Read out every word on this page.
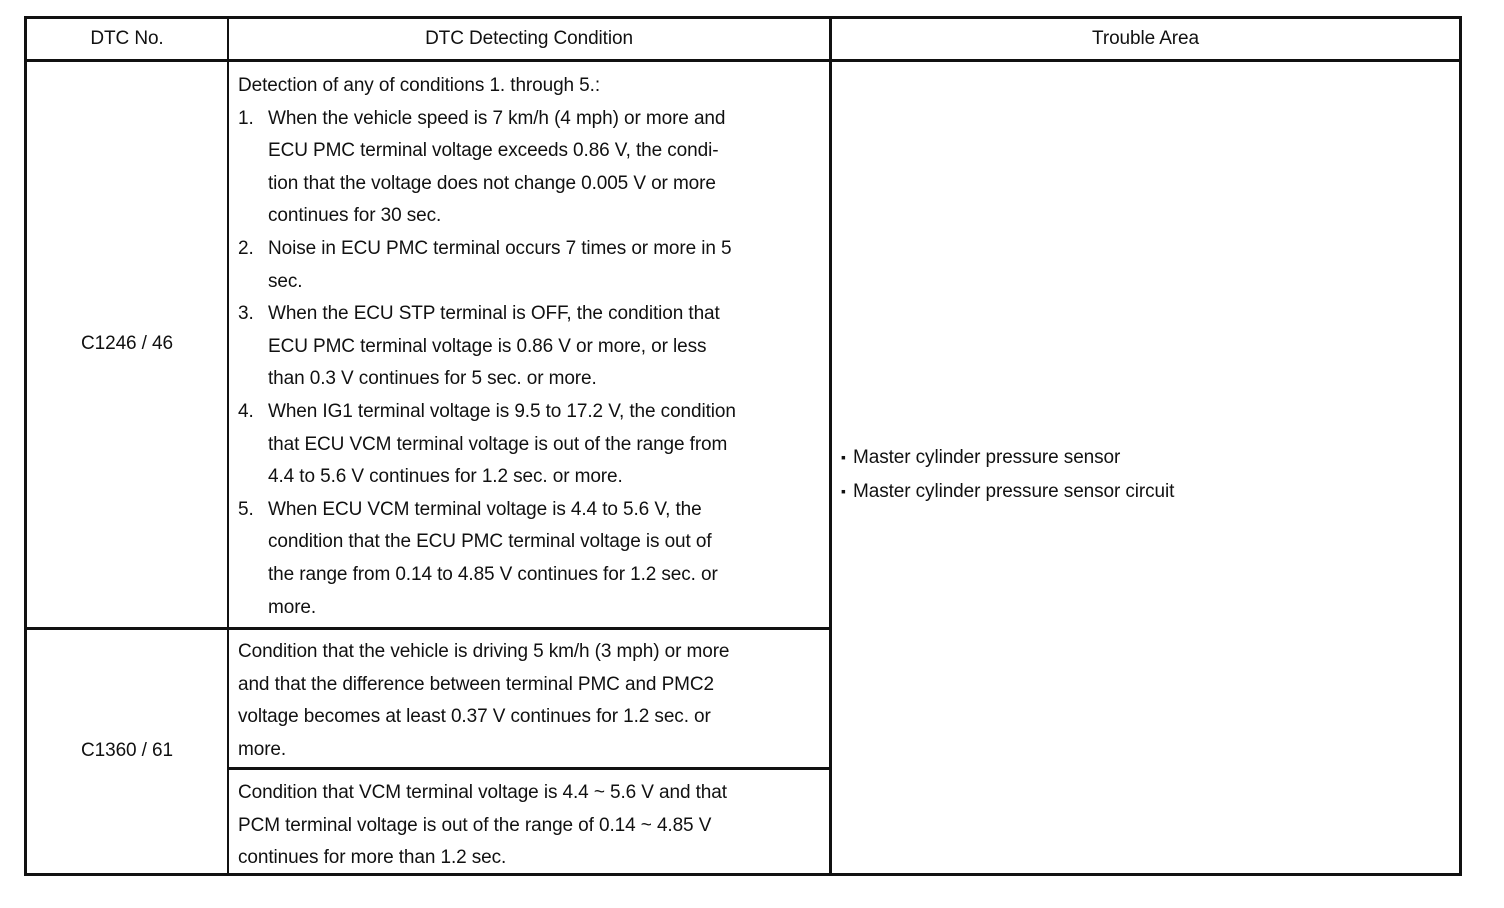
DTC No.	DTC Detecting Condition	Trouble Area
C1246 / 46
Detection of any of conditions 1. through 5.:
1. When the vehicle speed is 7 km/h (4 mph) or more and
ECU PMC terminal voltage exceeds 0.86 V, the condi-
tion that the voltage does not change 0.005 V or more
continues for 30 sec.
2. Noise in ECU PMC terminal occurs 7 times or more in 5
sec.
3. When the ECU STP terminal is OFF, the condition that
ECU PMC terminal voltage is 0.86 V or more, or less
than 0.3 V continues for 5 sec. or more.
4. When IG1 terminal voltage is 9.5 to 17.2 V, the condition
that ECU VCM terminal voltage is out of the range from
4.4 to 5.6 V continues for 1.2 sec. or more.
5. When ECU VCM terminal voltage is 4.4 to 5.6 V, the
condition that the ECU PMC terminal voltage is out of
the range from 0.14 to 4.85 V continues for 1.2 sec. or
more.
C1360 / 61
Condition that the vehicle is driving 5 km/h (3 mph) or more
and that the difference between terminal PMC and PMC2
voltage becomes at least 0.37 V continues for 1.2 sec. or
more.
Condition that VCM terminal voltage is 4.4 ~ 5.6 V and that
PCM terminal voltage is out of the range of 0.14 ~ 4.85 V
continues for more than 1.2 sec.
▪ Master cylinder pressure sensor
▪ Master cylinder pressure sensor circuit
